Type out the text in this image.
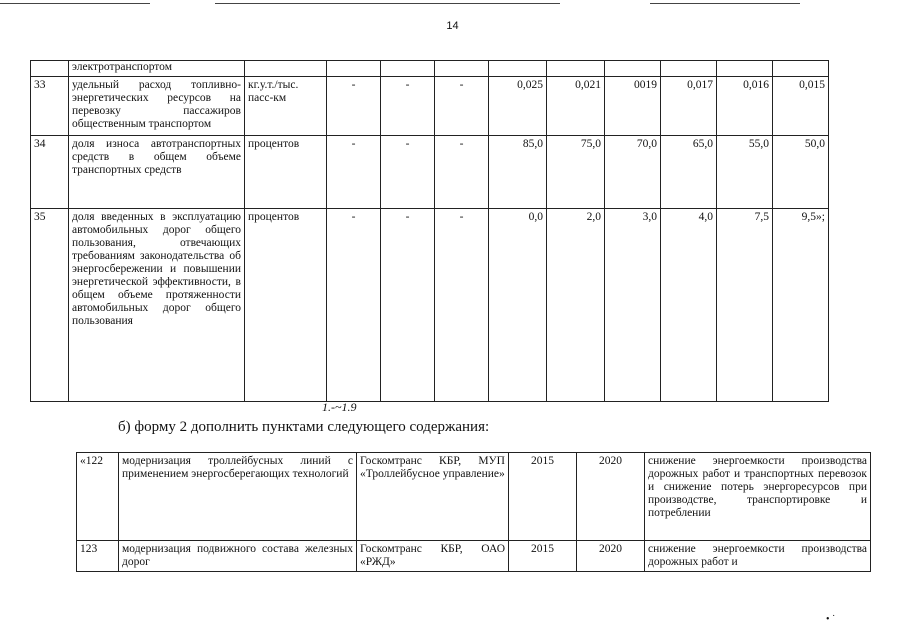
14
	электротранспортом										
33	удельный расход топливно-энергетических ресурсов на перевозку пассажиров общественным транспортом	кг.у.т./тыс. пасс-км	-	-	-	0,025	0,021	0019	0,017	0,016	0,015
34	доля износа автотранспортных средств в общем объеме транспортных средств	процентов	-	-	-	85,0	75,0	70,0	65,0	55,0	50,0
35	доля введенных в эксплуатацию автомобильных дорог общего пользования, отвечающих требованиям законодательства об энергосбережении и повышении энергетической эффективности, в общем объеме протяженности автомобильных дорог общего пользования	процентов	-	-	-	0,0	2,0	3,0	4,0	7,5	9,5»;
1.-~1.9
б) форму 2 дополнить пунктами следующего содержания:
«122	модернизация троллейбусных линий с применением энергосберегающих технологий	Госкомтранс КБР, МУП «Троллейбусное управление»	2015	2020	снижение энергоемкости производства дорожных работ и транспортных перевозок и снижение потерь энергоресурсов при производстве, транспортировке и потреблении
123	модернизация подвижного состава железных дорог	Госкомтранс КБР, ОАО «РЖД»	2015	2020	снижение энергоемкости производства дорожных работ и
• ˙
